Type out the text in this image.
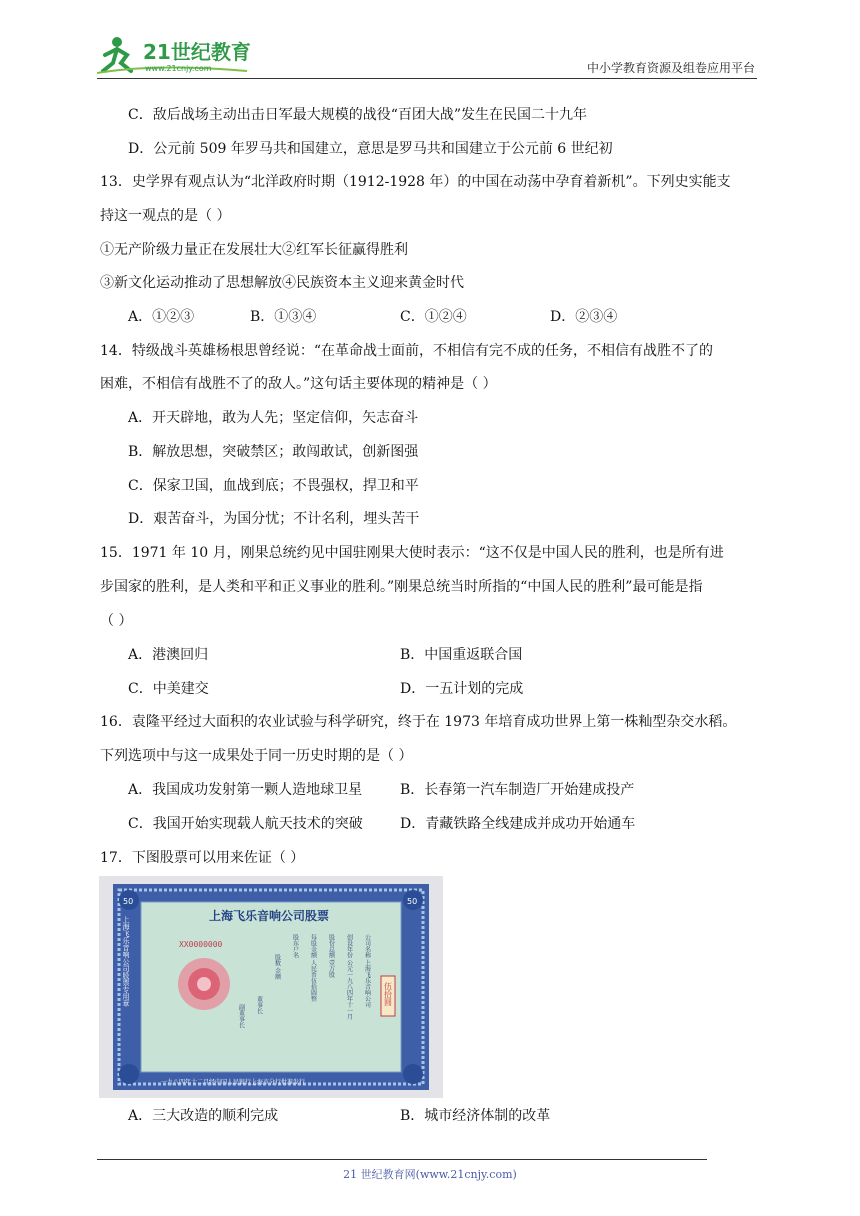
21世纪教育
www.21cnjy.com	中小学教育资源及组卷应用平台
C．敌后战场主动出击日军最大规模的战役“百团大战”发生在民国二十九年
D．公元前 509 年罗马共和国建立，意思是罗马共和国建立于公元前 6 世纪初
13．史学界有观点认为“北洋政府时期（1912-1928 年）的中国在动荡中孕育着新机”。下列史实能支
持这一观点的是（ ）
①无产阶级力量正在发展壮大②红军长征赢得胜利
③新文化运动推动了思想解放④民族资本主义迎来黄金时代
A．①②③	B．①③④	C．①②④	D．②③④
14．特级战斗英雄杨根思曾经说：“在革命战士面前，不相信有完不成的任务，不相信有战胜不了的
困难，不相信有战胜不了的敌人。”这句话主要体现的精神是（ ）
A．开天辟地，敢为人先；坚定信仰，矢志奋斗
B．解放思想，突破禁区；敢闯敢试，创新图强
C．保家卫国，血战到底；不畏强权，捍卫和平
D．艰苦奋斗，为国分忧；不计名利，埋头苦干
15．1971 年 10 月，刚果总统约见中国驻刚果大使时表示：“这不仅是中国人民的胜利，也是所有进
步国家的胜利，是人类和平和正义事业的胜利。”刚果总统当时所指的“中国人民的胜利”最可能是指
（ ）
A．港澳回归	B．中国重返联合国
C．中美建交	D．一五计划的完成
16．袁隆平经过大面积的农业试验与科学研究，终于在 1973 年培育成功世界上第一株籼型杂交水稻。
下列选项中与这一成果处于同一历史时期的是（ ）
A．我国成功发射第一颗人造地球卫星	B．长春第一汽车制造厂开始建成投产
C．我国开始实现载人航天技术的突破	D．青藏铁路全线建成并成功开始通车
17．下图股票可以用来佐证（ ）
A．三大改造的顺利完成	B．城市经济体制的改革
50	50
上海飞乐音响公司股票
XX0000000	公司名称 上海飞乐音响公司
创设年份 公元一九八四年十一月
股份总额 壹万股
每股金额 人民币伍拾圆整
股东户名
股数 金额
董事长
副董事长
伍拾圆
上海飞乐音响公司股票专用章
一九八四年十二月经中国人民银行上海市分行批准发行
21 世纪教育网(www.21cnjy.com)
